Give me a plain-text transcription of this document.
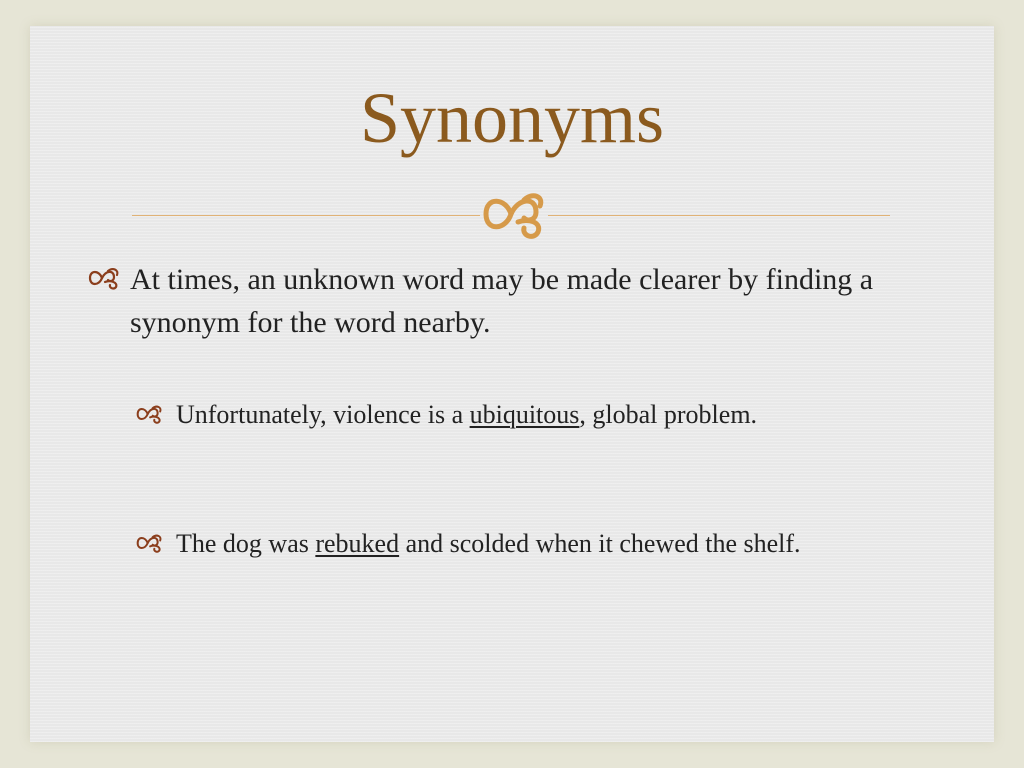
Synonyms
At times, an unknown word may be made clearer by finding a synonym for the word nearby.
Unfortunately, violence is a ubiquitous, global problem.
The dog was rebuked and scolded when it chewed the shelf.
